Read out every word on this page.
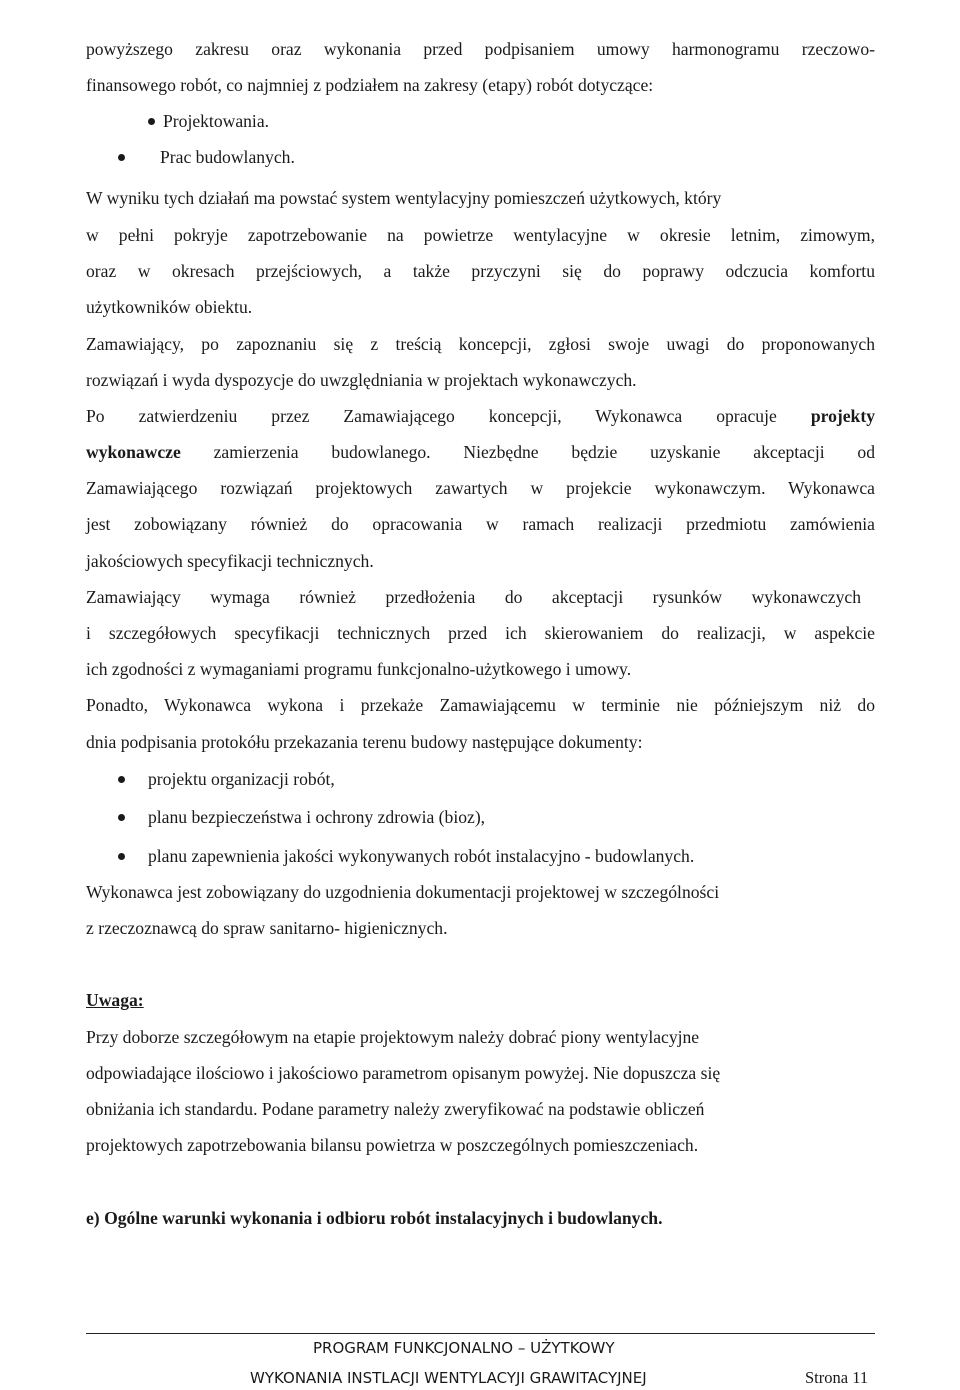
powyższego zakresu oraz wykonania przed podpisaniem umowy harmonogramu rzeczowo-
finansowego robót, co najmniej z podziałem na zakresy (etapy) robót dotyczące:
Projektowania.
Prac budowlanych.
W wyniku tych działań ma powstać system wentylacyjny pomieszczeń użytkowych, który
w pełni pokryje zapotrzebowanie na powietrze wentylacyjne w okresie letnim, zimowym,
oraz w okresach przejściowych, a także przyczyni się do poprawy odczucia komfortu
użytkowników obiektu.
Zamawiający, po zapoznaniu się z treścią koncepcji, zgłosi swoje uwagi do proponowanych
rozwiązań i wyda dyspozycje do uwzględniania w projektach wykonawczych.
Po zatwierdzeniu przez Zamawiającego koncepcji, Wykonawca opracuje projekty
wykonawcze zamierzenia budowlanego. Niezbędne będzie uzyskanie akceptacji od
Zamawiającego rozwiązań projektowych zawartych w projekcie wykonawczym. Wykonawca
jest zobowiązany również do opracowania w ramach realizacji przedmiotu zamówienia
jakościowych specyfikacji technicznych.
Zamawiający wymaga również przedłożenia do akceptacji rysunków wykonawczych
i szczegółowych specyfikacji technicznych przed ich skierowaniem do realizacji, w aspekcie
ich zgodności z wymaganiami programu funkcjonalno-użytkowego i umowy.
Ponadto, Wykonawca wykona i przekaże Zamawiającemu w terminie nie późniejszym niż do
dnia podpisania protokółu przekazania terenu budowy następujące dokumenty:
projektu organizacji robót,
planu bezpieczeństwa i ochrony zdrowia (bioz),
planu zapewnienia jakości wykonywanych robót instalacyjno - budowlanych.
Wykonawca jest zobowiązany do uzgodnienia dokumentacji projektowej w szczególności
z rzeczoznawcą do spraw sanitarno- higienicznych.
Uwaga:
Przy doborze szczegółowym na etapie projektowym należy dobrać piony wentylacyjne
odpowiadające ilościowo i jakościowo parametrom opisanym powyżej. Nie dopuszcza się
obniżania ich standardu. Podane parametry należy zweryfikować na podstawie obliczeń
projektowych zapotrzebowania bilansu powietrza w poszczególnych pomieszczeniach.
e) Ogólne warunki wykonania i odbioru robót instalacyjnych i budowlanych.
PROGRAM FUNKCJONALNO – UŻYTKOWY
WYKONANIA INSTLACJI WENTYLACYJI GRAWITACYJNEJ	Strona 11
